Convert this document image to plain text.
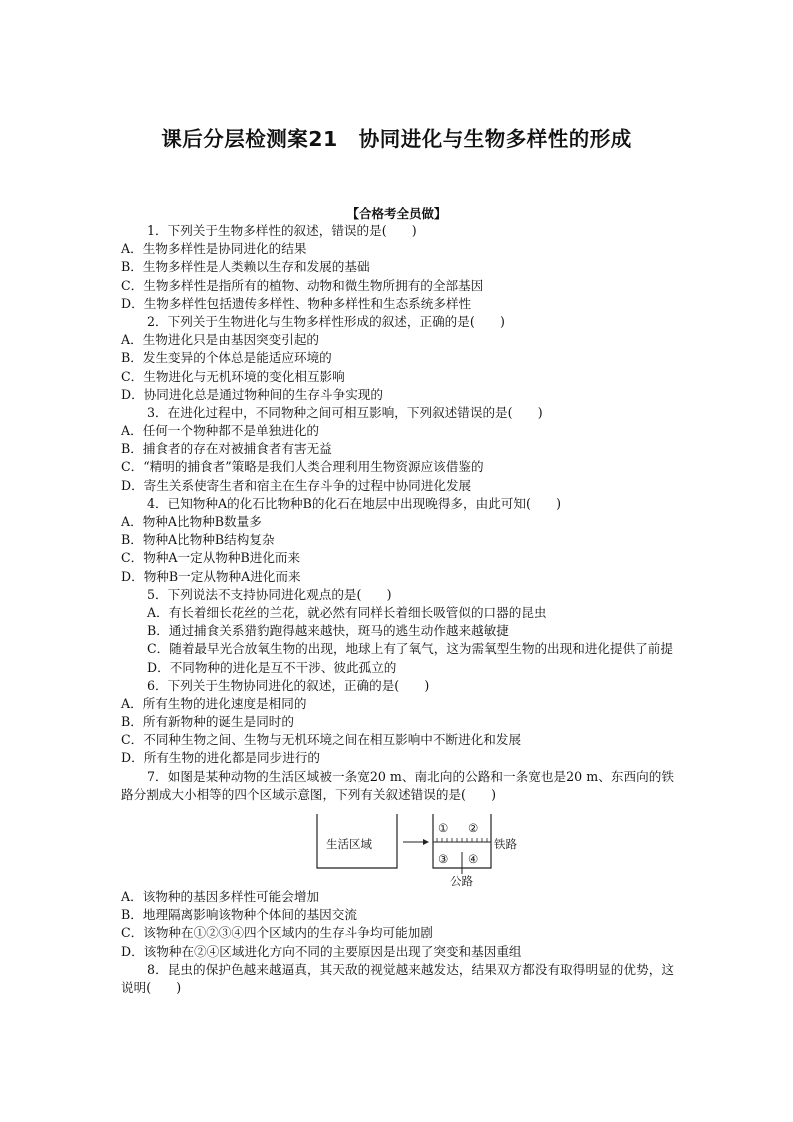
课后分层检测案21　协同进化与生物多样性的形成
【合格考全员做】
1．下列关于生物多样性的叙述，错误的是(　　)
A．生物多样性是协同进化的结果
B．生物多样性是人类赖以生存和发展的基础
C．生物多样性是指所有的植物、动物和微生物所拥有的全部基因
D．生物多样性包括遗传多样性、物种多样性和生态系统多样性
2．下列关于生物进化与生物多样性形成的叙述，正确的是(　　)
A．生物进化只是由基因突变引起的
B．发生变异的个体总是能适应环境的
C．生物进化与无机环境的变化相互影响
D．协同进化总是通过物种间的生存斗争实现的
3．在进化过程中，不同物种之间可相互影响，下列叙述错误的是(　　)
A．任何一个物种都不是单独进化的
B．捕食者的存在对被捕食者有害无益
C．“精明的捕食者”策略是我们人类合理利用生物资源应该借鉴的
D．寄生关系使寄生者和宿主在生存斗争的过程中协同进化发展
4．已知物种A的化石比物种B的化石在地层中出现晚得多，由此可知(　　)
A．物种A比物种B数量多
B．物种A比物种B结构复杂
C．物种A一定从物种B进化而来
D．物种B一定从物种A进化而来
5．下列说法不支持协同进化观点的是(　　)
A．有长着细长花丝的兰花，就必然有同样长着细长吸管似的口器的昆虫
B．通过捕食关系猎豹跑得越来越快，斑马的逃生动作越来越敏捷
C．随着最早光合放氧生物的出现，地球上有了氧气，这为需氧型生物的出现和进化提供了前提
D．不同物种的进化是互不干涉、彼此孤立的
6．下列关于生物协同进化的叙述，正确的是(　　)
A．所有生物的进化速度是相同的
B．所有新物种的诞生是同时的
C．不同种生物之间、生物与无机环境之间在相互影响中不断进化和发展
D．所有生物的进化都是同步进行的
7．如图是某种动物的生活区域被一条宽20 m、南北向的公路和一条宽也是20 m、东西向的铁路分割成大小相等的四个区域示意图，下列有关叙述错误的是(　　)
生活区域
① ②
③ ④
铁路
公路
A．该物种的基因多样性可能会增加
B．地理隔离影响该物种个体间的基因交流
C．该物种在①②③④四个区域内的生存斗争均可能加剧
D．该物种在②④区域进化方向不同的主要原因是出现了突变和基因重组
8．昆虫的保护色越来越逼真，其天敌的视觉越来越发达，结果双方都没有取得明显的优势，这说明(　　)
